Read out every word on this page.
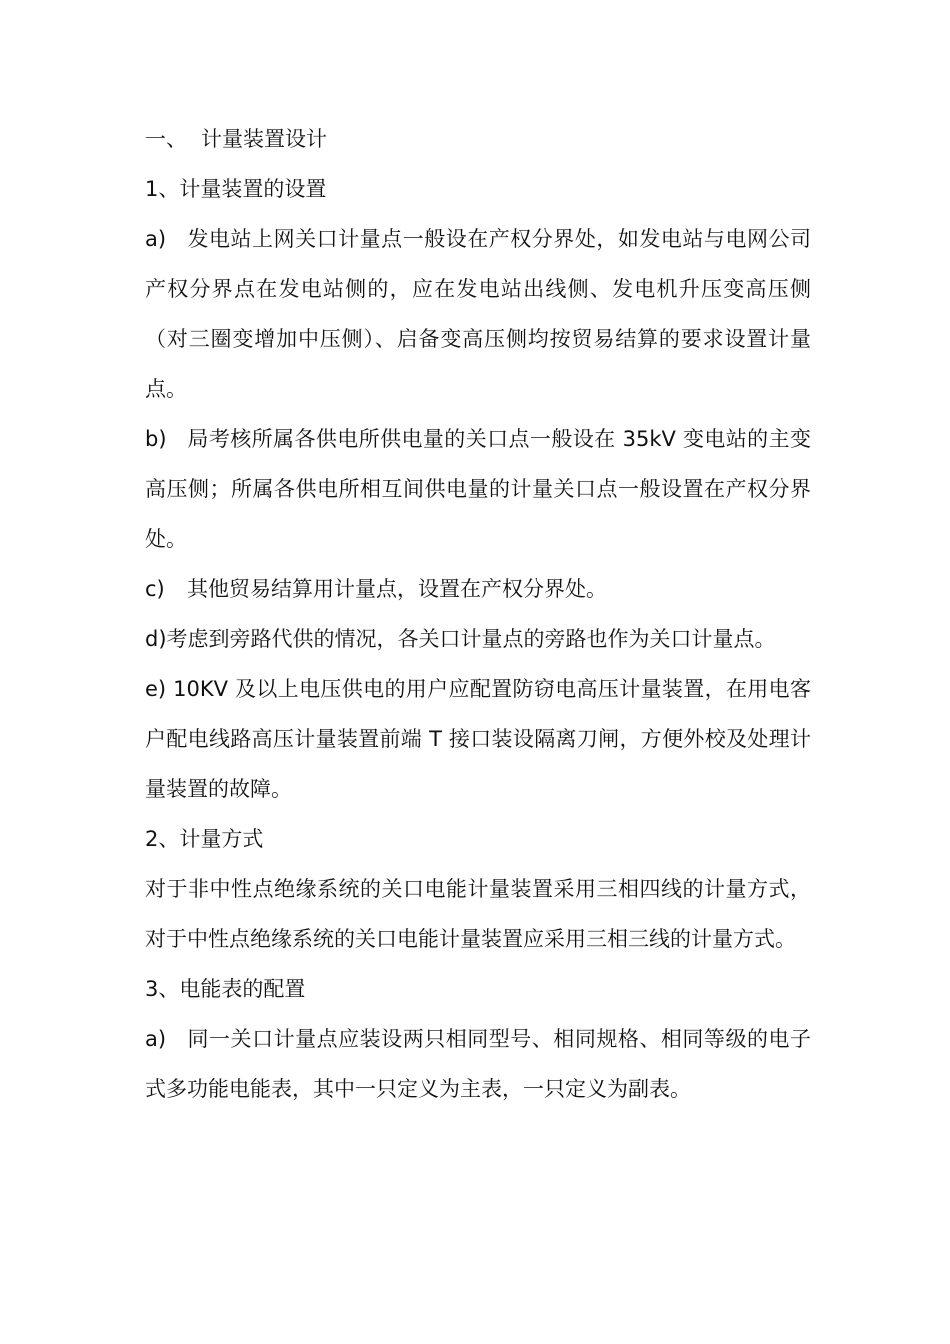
一、 计量装置设计

1、计量装置的设置

a) 发电站上网关口计量点一般设在产权分界处，如发电站与电网公司产权分界点在发电站侧的，应在发电站出线侧、发电机升压变高压侧（对三圈变增加中压侧）、启备变高压侧均按贸易结算的要求设置计量点。

b) 局考核所属各供电所供电量的关口点一般设在 35kV 变电站的主变高压侧；所属各供电所相互间供电量的计量关口点一般设置在产权分界处。

c) 其他贸易结算用计量点，设置在产权分界处。

d)考虑到旁路代供的情况，各关口计量点的旁路也作为关口计量点。

e) 10KV 及以上电压供电的用户应配置防窃电高压计量装置，在用电客户配电线路高压计量装置前端 T 接口装设隔离刀闸，方便外校及处理计量装置的故障。

2、计量方式

对于非中性点绝缘系统的关口电能计量装置采用三相四线的计量方式，对于中性点绝缘系统的关口电能计量装置应采用三相三线的计量方式。

3、电能表的配置

a) 同一关口计量点应装设两只相同型号、相同规格、相同等级的电子式多功能电能表，其中一只定义为主表，一只定义为副表。
